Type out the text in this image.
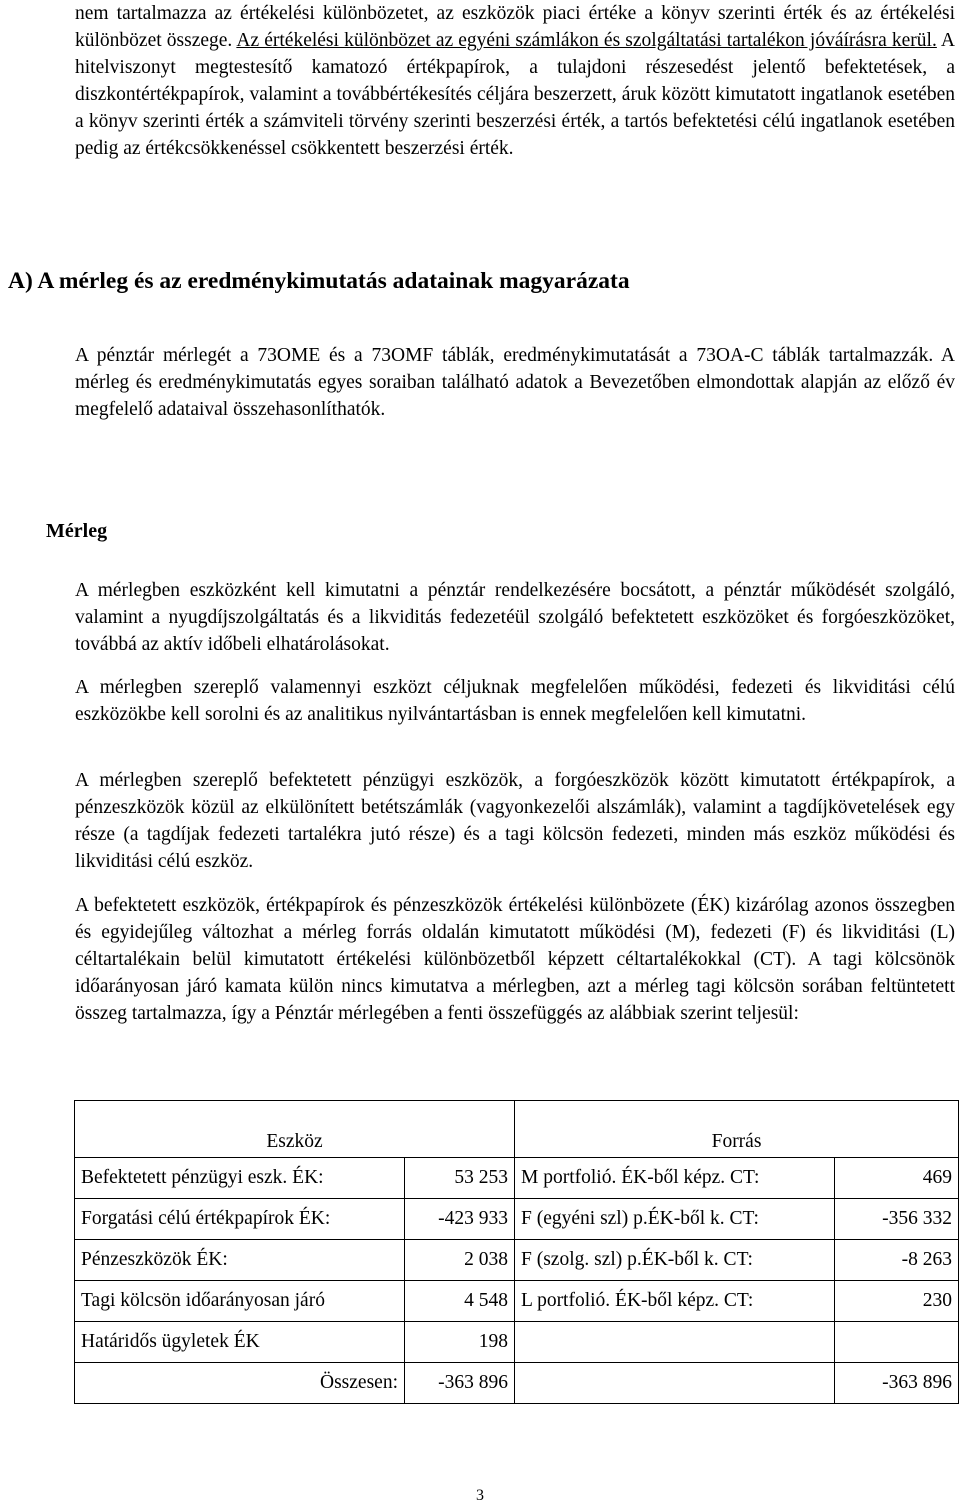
nem tartalmazza az értékelési különbözetet, az eszközök piaci értéke a könyv szerinti érték és az értékelési különbözet összege. Az értékelési különbözet az egyéni számlákon és szolgáltatási tartalékon jóváírásra kerül. A hitelviszonyt megtestesítő kamatozó értékpapírok, a tulajdoni részesedést jelentő befektetések, a diszkontértékpapírok, valamint a továbbértékesítés céljára beszerzett, áruk között kimutatott ingatlanok esetében a könyv szerinti érték a számviteli törvény szerinti beszerzési érték, a tartós befektetési célú ingatlanok esetében pedig az értékcsökkenéssel csökkentett beszerzési érték.

A) A mérleg és az eredménykimutatás adatainak magyarázata

A pénztár mérlegét a 73OME és a 73OMF táblák, eredménykimutatását a 73OA-C táblák tartalmazzák. A mérleg és eredménykimutatás egyes soraiban található adatok a Bevezetőben elmondottak alapján az előző év megfelelő adataival összehasonlíthatók.

Mérleg

A mérlegben eszközként kell kimutatni a pénztár rendelkezésére bocsátott, a pénztár működését szolgáló, valamint a nyugdíjszolgáltatás és a likviditás fedezetéül szolgáló befektetett eszközöket és forgóeszközöket, továbbá az aktív időbeli elhatárolásokat.

A mérlegben szereplő valamennyi eszközt céljuknak megfelelően működési, fedezeti és likviditási célú eszközökbe kell sorolni és az analitikus nyilvántartásban is ennek megfelelően kell kimutatni.

A mérlegben szereplő befektetett pénzügyi eszközök, a forgóeszközök között kimutatott értékpapírok, a pénzeszközök közül az elkülönített betétszámlák (vagyonkezelői alszámlák), valamint a tagdíjkövetelések egy része (a tagdíjak fedezeti tartalékra jutó része) és a tagi kölcsön fedezeti, minden más eszköz működési és likviditási célú eszköz.

A befektetett eszközök, értékpapírok és pénzeszközök értékelési különbözete (ÉK) kizárólag azonos összegben és egyidejűleg változhat a mérleg forrás oldalán kimutatott működési (M), fedezeti (F) és likviditási (L) céltartalékain belül kimutatott értékelési különbözetből képzett céltartalékokkal (CT). A tagi kölcsönök időarányosan járó kamata külön nincs kimutatva a mérlegben, azt a mérleg tagi kölcsön sorában feltüntetett összeg tartalmazza, így a Pénztár mérlegében a fenti összefüggés az alábbiak szerint teljesül:

Eszköz		Forrás	
Befektetett pénzügyi eszk. ÉK:	53 253	M portfolió. ÉK-ből képz. CT:	469
Forgatási célú értékpapírok ÉK:	-423 933	F (egyéni szl) p.ÉK-ből k. CT:	-356 332
Pénzeszközök ÉK:	2 038	F (szolg. szl) p.ÉK-ből k. CT:	-8 263
Tagi kölcsön időarányosan járó	4 548	L portfolió. ÉK-ből képz. CT:	230
Határidős ügyletek ÉK	198		
Összesen:	-363 896		-363 896
3
